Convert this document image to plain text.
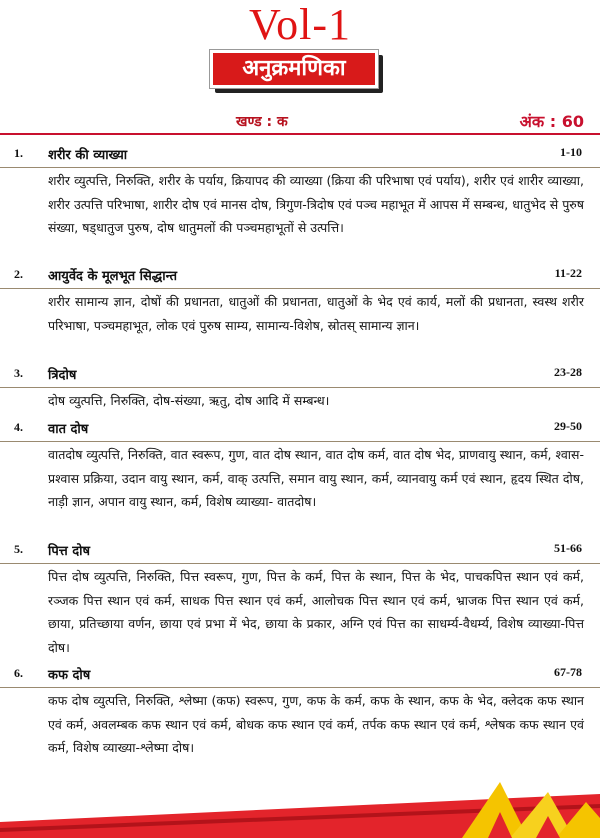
Vol-1
अनुक्रमणिका
खण्ड : क	अंक : 60
1. शरीर की व्याख्या	1-10
शरीर व्युत्पत्ति, निरुक्ति, शरीर के पर्याय, क्रियापद की व्याख्या (क्रिया की परिभाषा एवं पर्याय), शरीर एवं शारीर व्याख्या, शरीर उत्पत्ति परिभाषा, शारीर दोष एवं मानस दोष, त्रिगुण-त्रिदोष एवं पञ्च महाभूत में आपस में सम्बन्ध, धातुभेद से पुरुष संख्या, षड्धातुज पुरुष, दोष धातुमलों की पञ्चमहाभूतों से उत्पत्ति।
2. आयुर्वेद के मूलभूत सिद्धान्त	11-22
शरीर सामान्य ज्ञान, दोषों की प्रधानता, धातुओं की प्रधानता, धातुओं के भेद एवं कार्य, मलों की प्रधानता, स्वस्थ शरीर परिभाषा, पञ्चमहाभूत, लोक एवं पुरुष साम्य, सामान्य-विशेष, स्रोतस् सामान्य ज्ञान।
3. त्रिदोष	23-28
दोष व्युत्पत्ति, निरुक्ति, दोष-संख्या, ऋतु, दोष आदि में सम्बन्ध।
4. वात दोष	29-50
वातदोष व्युत्पत्ति, निरुक्ति, वात स्वरूप, गुण, वात दोष स्थान, वात दोष कर्म, वात दोष भेद, प्राणवायु स्थान, कर्म, श्वास- प्रश्वास प्रक्रिया, उदान वायु स्थान, कर्म, वाक् उत्पत्ति, समान वायु स्थान, कर्म, व्यानवायु कर्म एवं स्थान, हृदय स्थित दोष, नाड़ी ज्ञान, अपान वायु स्थान, कर्म, विशेष व्याख्या- वातदोष।
5. पित्त दोष	51-66
पित्त दोष व्युत्पत्ति, निरुक्ति, पित्त स्वरूप, गुण, पित्त के कर्म, पित्त के स्थान, पित्त के भेद, पाचकपित्त स्थान एवं कर्म, रञ्जक पित्त स्थान एवं कर्म, साधक पित्त स्थान एवं कर्म, आलोचक पित्त स्थान एवं कर्म, भ्राजक पित्त स्थान एवं कर्म, छाया, प्रतिच्छाया वर्णन, छाया एवं प्रभा में भेद, छाया के प्रकार, अग्नि एवं पित्त का साधर्म्य-वैधर्म्य, विशेष व्याख्या-पित्त दोष।
6. कफ दोष	67-78
कफ दोष व्युत्पत्ति, निरुक्ति, श्लेष्मा (कफ) स्वरूप, गुण, कफ के कर्म, कफ के स्थान, कफ के भेद, क्लेदक कफ स्थान एवं कर्म, अवलम्बक कफ स्थान एवं कर्म, बोधक कफ स्थान एवं कर्म, तर्पक कफ स्थान एवं कर्म, श्लेषक कफ स्थान एवं कर्म, विशेष व्याख्या-श्लेष्मा दोष।
